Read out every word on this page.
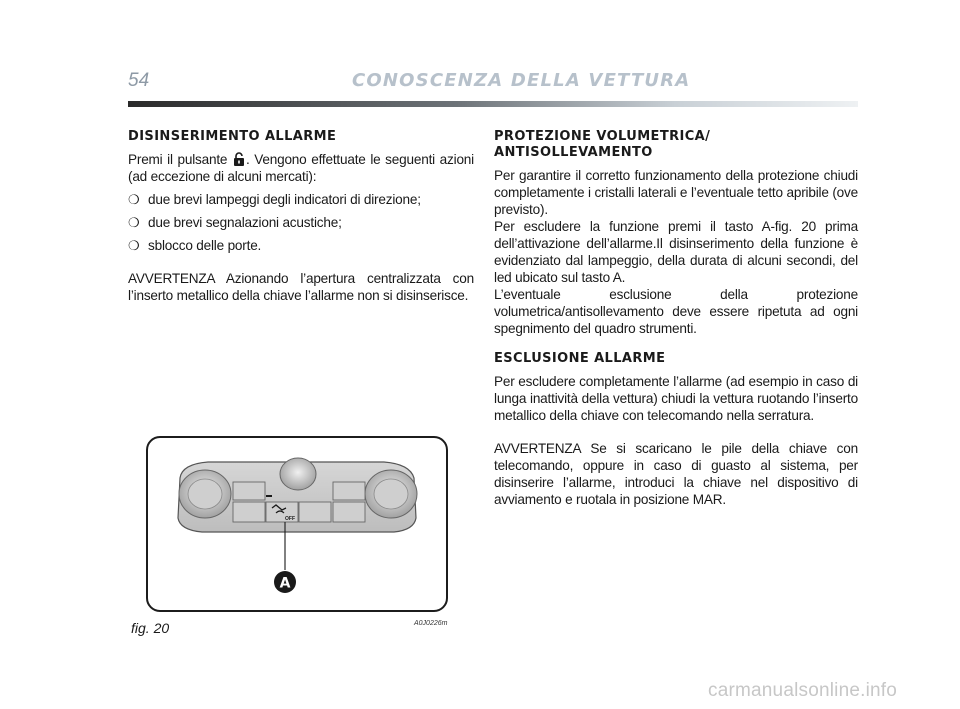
54	CONOSCENZA DELLA VETTURA
DISINSERIMENTO ALLARME

Premi il pulsante . Vengono effettuate le seguenti azioni (ad eccezione di alcuni mercati):

❍ due brevi lampeggi degli indicatori di direzione;
❍ due brevi segnalazioni acustiche;
❍ sblocco delle porte.

AVVERTENZA Azionando l’apertura centralizzata con l’inserto metallico della chiave l’allarme non si disinserisce.

PROTEZIONE VOLUMETRICA/
ANTISOLLEVAMENTO

Per garantire il corretto funzionamento della protezione chiudi completamente i cristalli laterali e l’eventuale tetto apribile (ove previsto).

Per escludere la funzione premi il tasto A-fig. 20 prima dell’attivazione dell’allarme.Il disinserimento della funzione è evidenziato dal lampeggio, della durata di alcuni secondi, del led ubicato sul tasto A.

L’eventuale esclusione della protezione volumetrica/antisollevamento deve essere ripetuta ad ogni spegnimento del quadro strumenti.

ESCLUSIONE ALLARME

Per escludere completamente l’allarme (ad esempio in caso di lunga inattività della vettura) chiudi la vettura ruotando l’inserto metallico della chiave con telecomando nella serratura.

AVVERTENZA Se si scaricano le pile della chiave con telecomando, oppure in caso di guasto al sistema, per disinserire l’allarme, introduci la chiave nel dispositivo di avviamento e ruotala in posizione MAR.

OFF
A
fig. 20	A0J0226m
carmanualsonline.info
